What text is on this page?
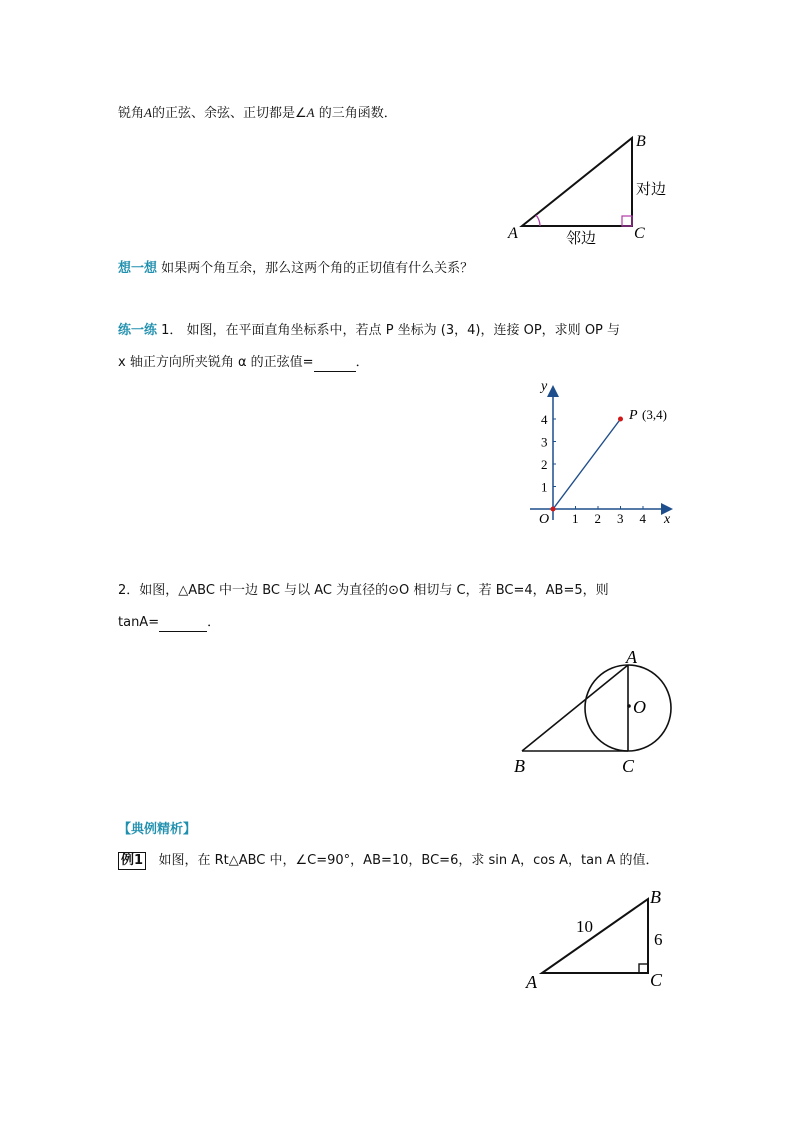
锐角A的正弦、余弦、正切都是∠A 的三角函数．
A
B
C
对边
邻边
想一想 如果两个角互余，那么这两个角的正切值有什么关系？
练一练 1． 如图，在平面直角坐标系中，若点 P 坐标为 (3，4)，连接 OP，求则 OP 与
x 轴正方向所夹锐角 α 的正弦值=	．
1 2 3 4
1
2
3
4
y
x
O
P (3,4)
2．如图，△ABC 中一边 BC 与以 AC 为直径的⊙O 相切与 C，若 BC=4，AB=5，则
tanA=	．
A
O
B	C
【典例精析】
例1 如图，在 Rt△ABC 中，∠C=90°，AB=10，BC=6，求 sin A，cos A，tan A 的值．
A
B
C
10
6
